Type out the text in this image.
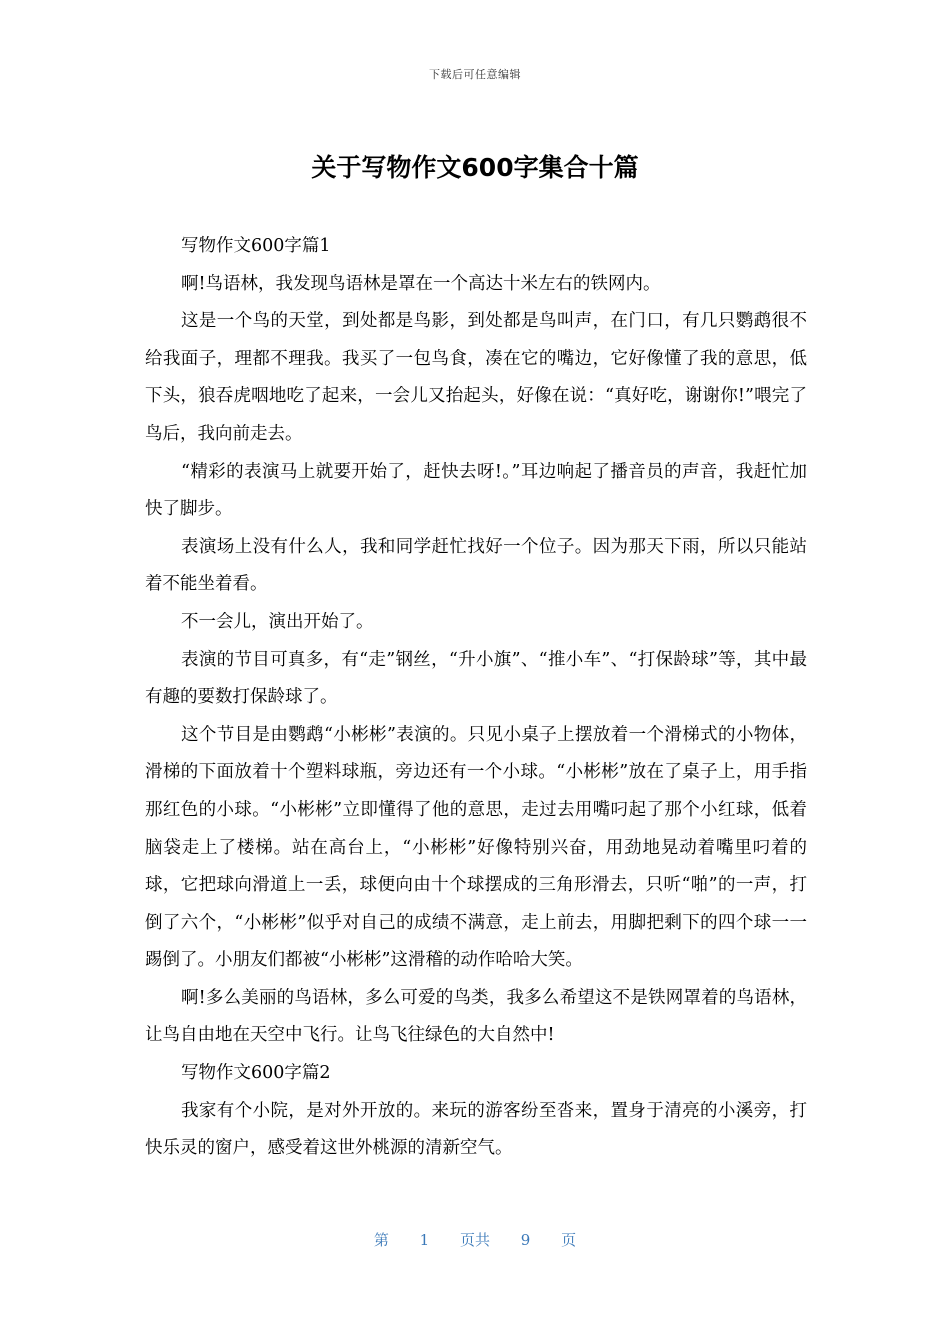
下载后可任意编辑
关于写物作文600字集合十篇

写物作文600字篇1

啊!鸟语林，我发现鸟语林是罩在一个高达十米左右的铁网内。

这是一个鸟的天堂，到处都是鸟影，到处都是鸟叫声，在门口，有几只鹦鹉很不给我面子，理都不理我。我买了一包鸟食，凑在它的嘴边，它好像懂了我的意思，低下头，狼吞虎咽地吃了起来，一会儿又抬起头，好像在说：“真好吃，谢谢你!”喂完了鸟后，我向前走去。

“精彩的表演马上就要开始了，赶快去呀!。”耳边响起了播音员的声音，我赶忙加快了脚步。

表演场上没有什么人，我和同学赶忙找好一个位子。因为那天下雨，所以只能站着不能坐着看。

不一会儿，演出开始了。

表演的节目可真多，有“走”钢丝，“升小旗”、“推小车”、“打保龄球”等，其中最有趣的要数打保龄球了。

这个节目是由鹦鹉“小彬彬”表演的。只见小桌子上摆放着一个滑梯式的小物体，滑梯的下面放着十个塑料球瓶，旁边还有一个小球。“小彬彬”放在了桌子上，用手指那红色的小球。“小彬彬”立即懂得了他的意思，走过去用嘴叼起了那个小红球，低着脑袋走上了楼梯。站在高台上，“小彬彬”好像特别兴奋，用劲地晃动着嘴里叼着的球，它把球向滑道上一丢，球便向由十个球摆成的三角形滑去，只听“啪”的一声，打倒了六个，“小彬彬”似乎对自己的成绩不满意，走上前去，用脚把剩下的四个球一一踢倒了。小朋友们都被“小彬彬”这滑稽的动作哈哈大笑。

啊!多么美丽的鸟语林，多么可爱的鸟类，我多么希望这不是铁网罩着的鸟语林，让鸟自由地在天空中飞行。让鸟飞往绿色的大自然中!

写物作文600字篇2

我家有个小院，是对外开放的。来玩的游客纷至沓来，置身于清亮的小溪旁，打快乐灵的窗户，感受着这世外桃源的清新空气。

第 1 页共 9 页
